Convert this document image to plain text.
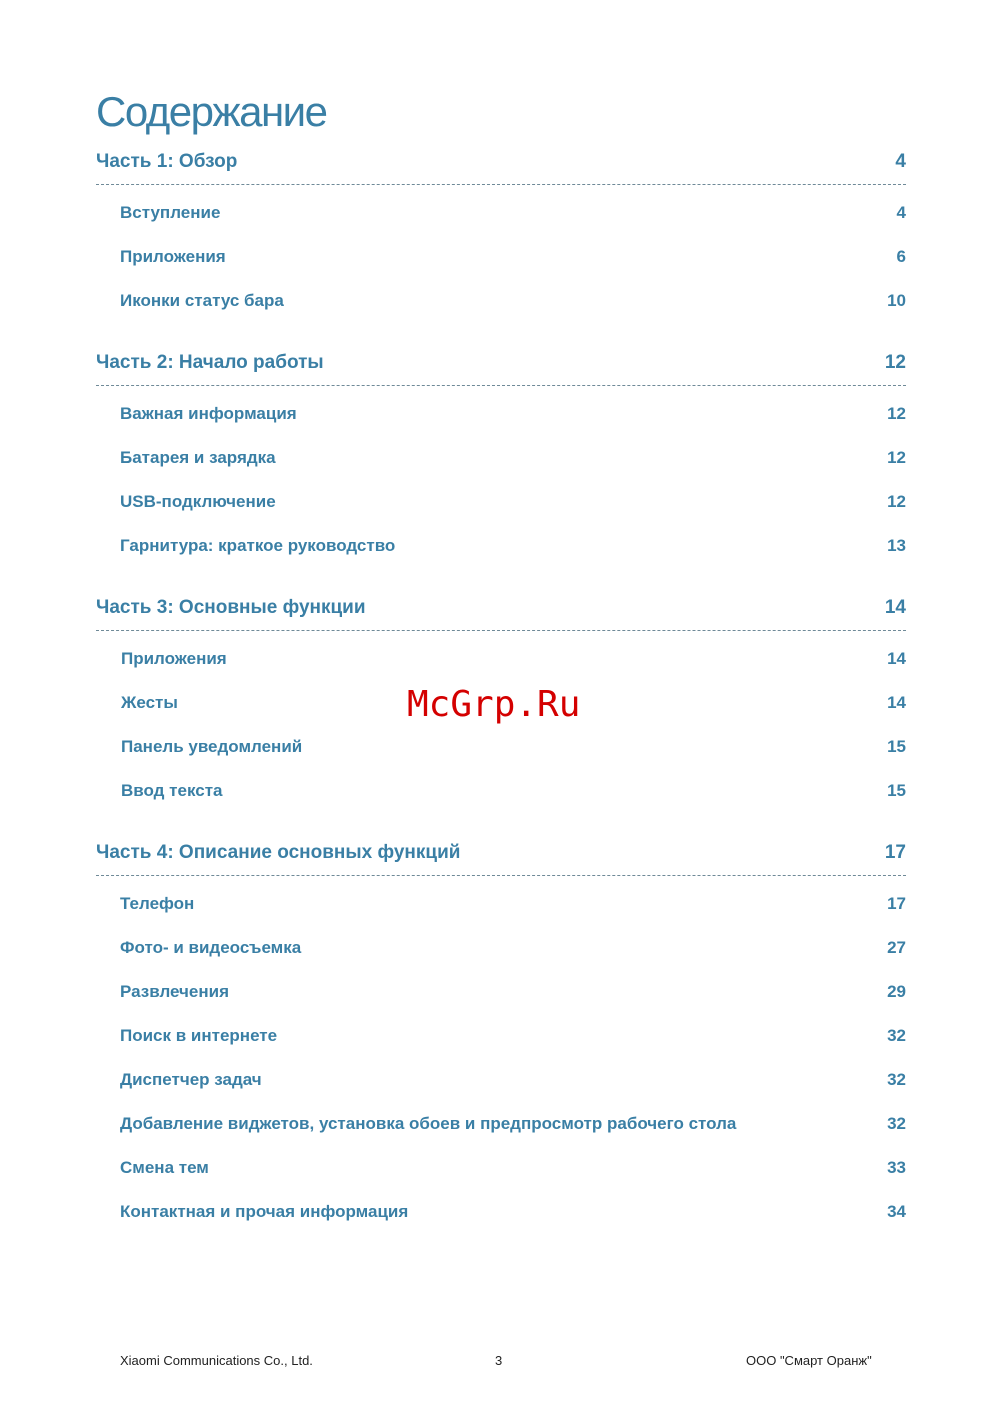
Содержание
Часть 1: Обзор	4
Вступление	4
Приложения	6
Иконки статус бара	10
Часть 2: Начало работы	12
Важная информация	12
Батарея и зарядка	12
USB-подключение	12
Гарнитура: краткое руководство	13
Часть 3: Основные функции	14
Приложения	14
Жесты	14
Панель уведомлений	15
Ввод текста	15
Часть 4: Описание основных функций	17
Телефон	17
Фото- и видеосъемка	27
Развлечения	29
Поиск в интернете	32
Диспетчер задач	32
Добавление виджетов, установка обоев и предпросмотр рабочего стола	32
Смена тем	33
Контактная и прочая информация	34
McGrp.Ru
Xiaomi Communications Co., Ltd.	3	ООО "Смарт Оранж"
